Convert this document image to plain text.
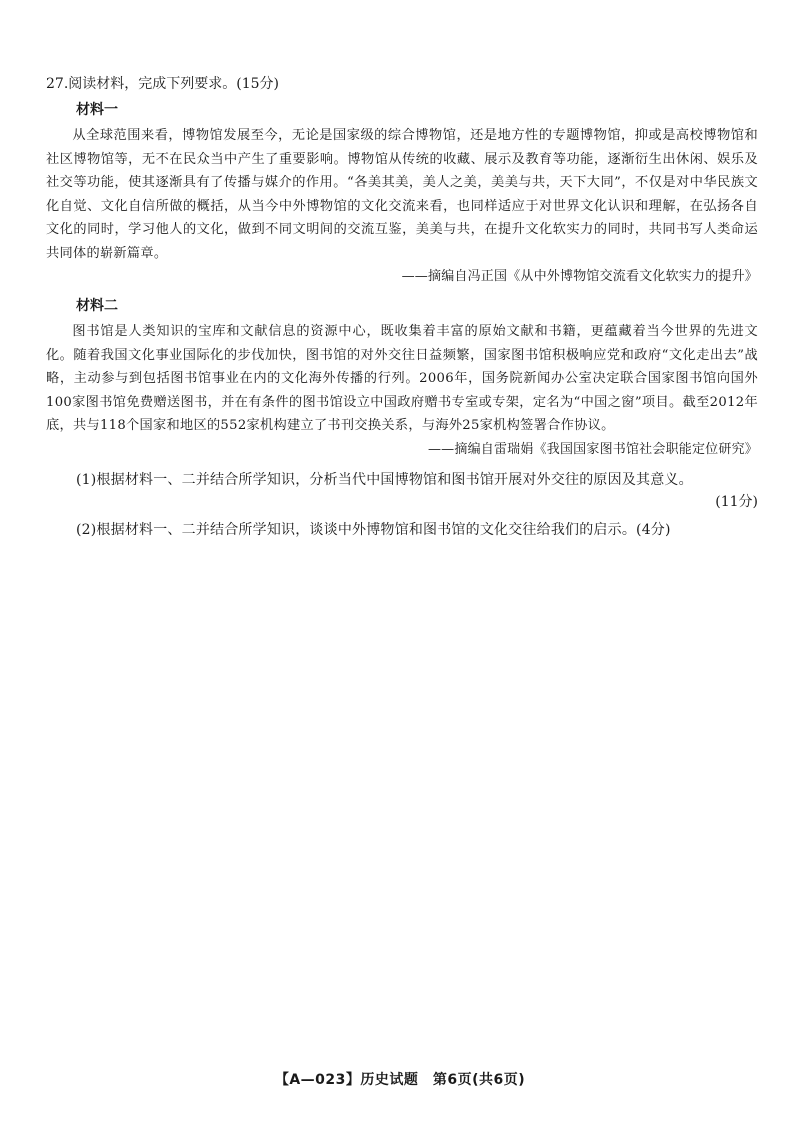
27.阅读材料，完成下列要求。(15分)

材料一

从全球范围来看，博物馆发展至今，无论是国家级的综合博物馆，还是地方性的专题博物馆，抑或是高校博物馆和社区博物馆等，无不在民众当中产生了重要影响。博物馆从传统的收藏、展示及教育等功能，逐渐衍生出休闲、娱乐及社交等功能，使其逐渐具有了传播与媒介的作用。“各美其美，美人之美，美美与共，天下大同”，不仅是对中华民族文化自觉、文化自信所做的概括，从当今中外博物馆的文化交流来看，也同样适应于对世界文化认识和理解，在弘扬各自文化的同时，学习他人的文化，做到不同文明间的交流互鉴，美美与共，在提升文化软实力的同时，共同书写人类命运共同体的崭新篇章。

——摘编自冯正国《从中外博物馆交流看文化软实力的提升》

材料二

图书馆是人类知识的宝库和文献信息的资源中心，既收集着丰富的原始文献和书籍，更蕴藏着当今世界的先进文化。随着我国文化事业国际化的步伐加快，图书馆的对外交往日益频繁，国家图书馆积极响应党和政府“文化走出去”战略，主动参与到包括图书馆事业在内的文化海外传播的行列。2006年，国务院新闻办公室决定联合国家图书馆向国外100家图书馆免费赠送图书，并在有条件的图书馆设立中国政府赠书专室或专架，定名为“中国之窗”项目。截至2012年底，共与118个国家和地区的552家机构建立了书刊交换关系，与海外25家机构签署合作协议。

——摘编自雷瑞娟《我国国家图书馆社会职能定位研究》

(1)根据材料一、二并结合所学知识，分析当代中国博物馆和图书馆开展对外交往的原因及其意义。

(11分)

(2)根据材料一、二并结合所学知识，谈谈中外博物馆和图书馆的文化交往给我们的启示。(4分)

【A—023】历史试题　第6页(共6页)
